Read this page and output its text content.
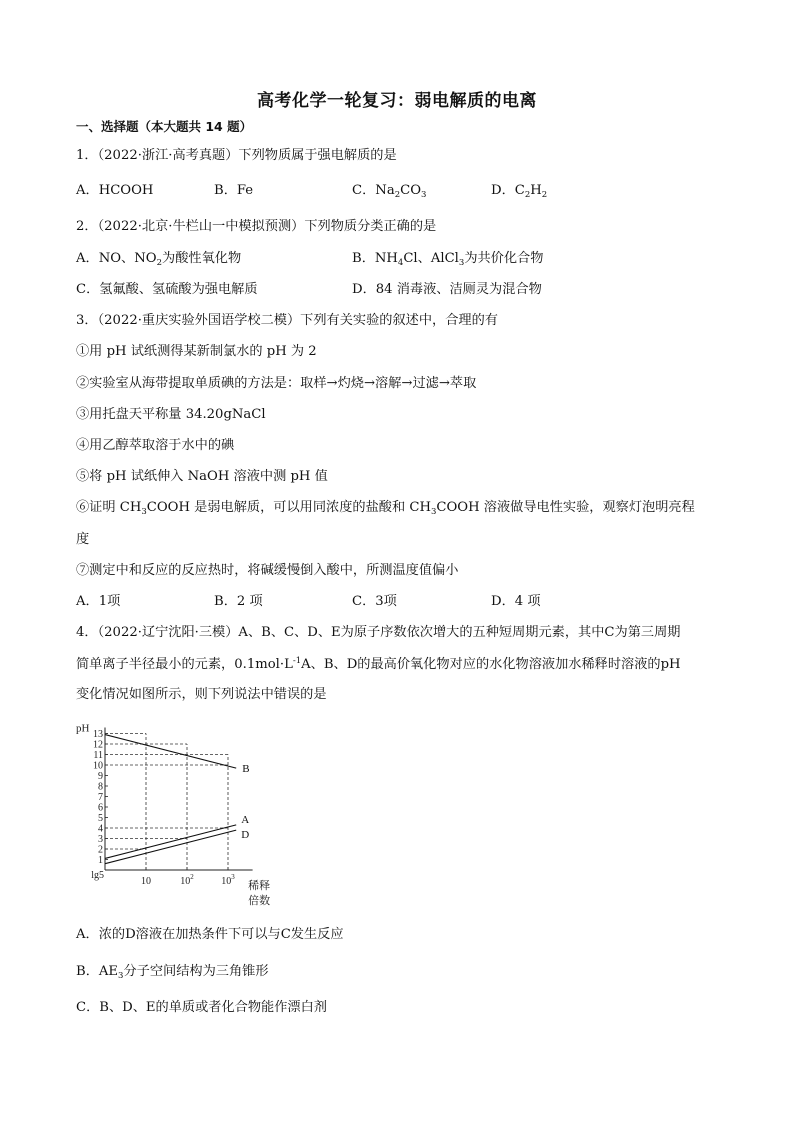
高考化学一轮复习：弱电解质的电离
一、选择题（本大题共 14 题）
1．（2022·浙江·高考真题）下列物质属于强电解质的是
A．HCOOH	B．Fe	C．$Na_2CO_3$	D．$C_2H_2$
2．（2022·北京·牛栏山一中模拟预测）下列物质分类正确的是
A．NO、$NO_2$为酸性氧化物	B．$NH_4Cl$、AlCl$_3$为共价化合物
C．氢氟酸、氢硫酸为强电解质	D．84 消毒液、洁厕灵为混合物
3．（2022·重庆实验外国语学校二模）下列有关实验的叙述中，合理的有
①用 pH 试纸测得某新制氯水的 pH 为 2
②实验室从海带提取单质碘的方法是：取样→灼烧→溶解→过滤→萃取
③用托盘天平称量 34.20gNaCl
④用乙醇萃取溶于水中的碘
⑤将 pH 试纸伸入 NaOH 溶液中测 pH 值
⑥证明 $CH_3COOH$ 是弱电解质，可以用同浓度的盐酸和 $CH_3COOH$ 溶液做导电性实验，观察灯泡明亮程
度
⑦测定中和反应的反应热时，将碱缓慢倒入酸中，所测温度值偏小
A．1项	B．2 项	C．3项	D．4 项
4．（2022·辽宁沈阳·三模）A、B、C、D、E为原子序数依次增大的五种短周期元素，其中C为第三周期
简单离子半径最小的元素，$0.1mol\cdot L^{-1}A$、B、D的最高价氧化物对应的水化物溶液加水稀释时溶液的pH
变化情况如图所示，则下列说法中错误的是
1
2
3
4
5
6
7
8
9
10
11
12
13
lg5
pH
10	$10^2$	$10^3$
稀释
倍数
B
A
D
A．浓的D溶液在加热条件下可以与C发生反应
B．$AE_3$分子空间结构为三角锥形
C．B、D、E的单质或者化合物能作漂白剂
